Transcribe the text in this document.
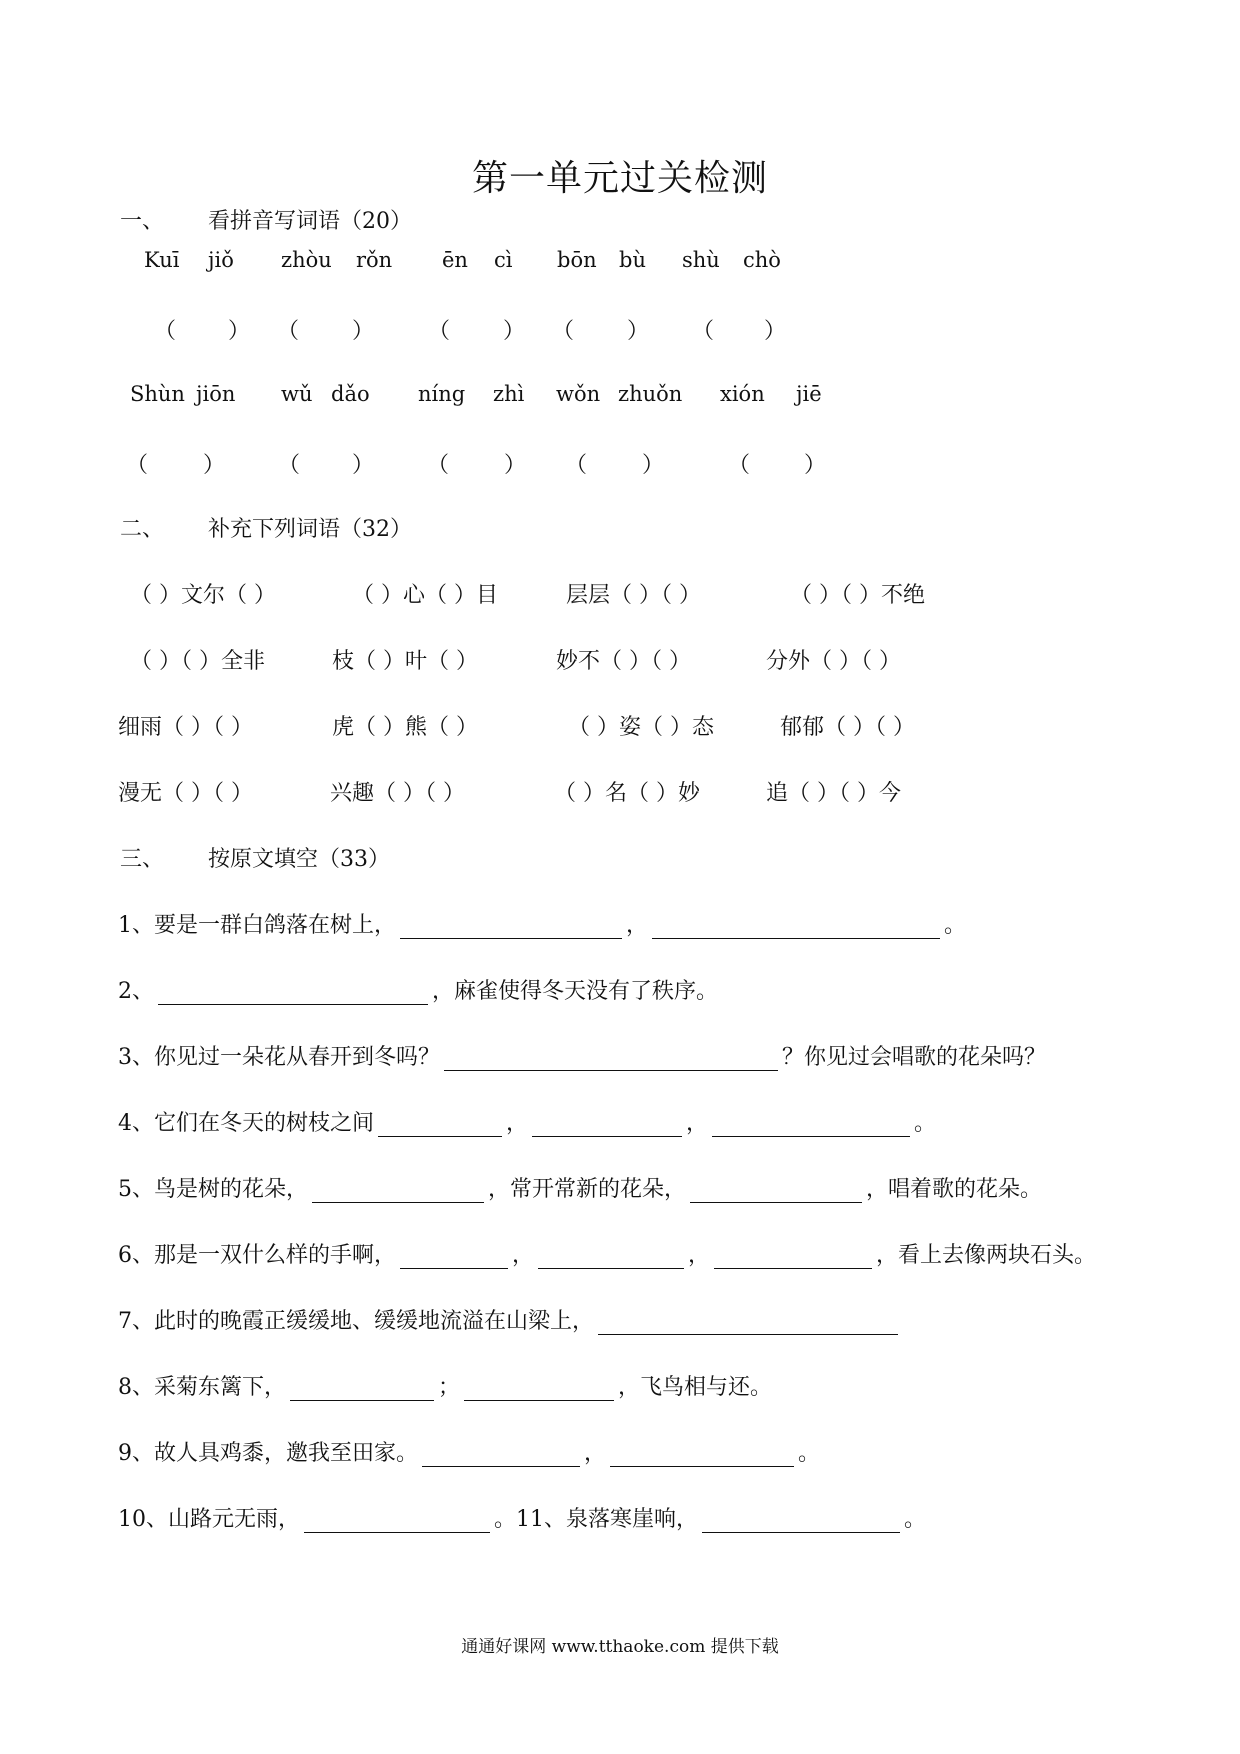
第一单元过关检测
一、 看拼音写词语（20）
Kuī jiǒ zhòu rǒn ēn cì bōn bù shù chò
（ ） （ ） （ ） （ ） （ ）
Shùn jiōn wǔ dǎo níng zhì wǒn zhuǒn xión jiē
（ ） （ ） （ ） （ ）	（ ）
二、 补充下列词语（32）
（ ）文尔（ ）	（ ）心（ ）目	层层（ ）（ ）	（ ）（ ）不绝
（ ）（ ）全非	枝（ ）叶（ ）	妙不（ ）（ ）	分外（ ）（ ）
细雨（ ）（ ）	虎（ ）熊（ ）	（ ）姿（ ）态	郁郁（ ）（ ）
漫无（ ）（ ）	兴趣（ ）（ ）	（ ）名（ ）妙	追（ ）（ ）今
三、 按原文填空（33）
1、要是一群白鸽落在树上，	，	。
2、	，麻雀使得冬天没有了秩序。
3、你见过一朵花从春开到冬吗？	？你见过会唱歌的花朵吗？
4、它们在冬天的树枝之间	，	，	。
5、鸟是树的花朵，	，常开常新的花朵，	，唱着歌的花朵。
6、那是一双什么样的手啊，	，	，	，看上去像两块石头。
7、此时的晚霞正缓缓地、缓缓地流溢在山梁上，
8、采菊东篱下，	；	，飞鸟相与还。
9、故人具鸡黍，邀我至田家。	，	。
10、山路元无雨，	。11、泉落寒崖响，	。
通通好课网 www.tthaoke.com 提供下载
